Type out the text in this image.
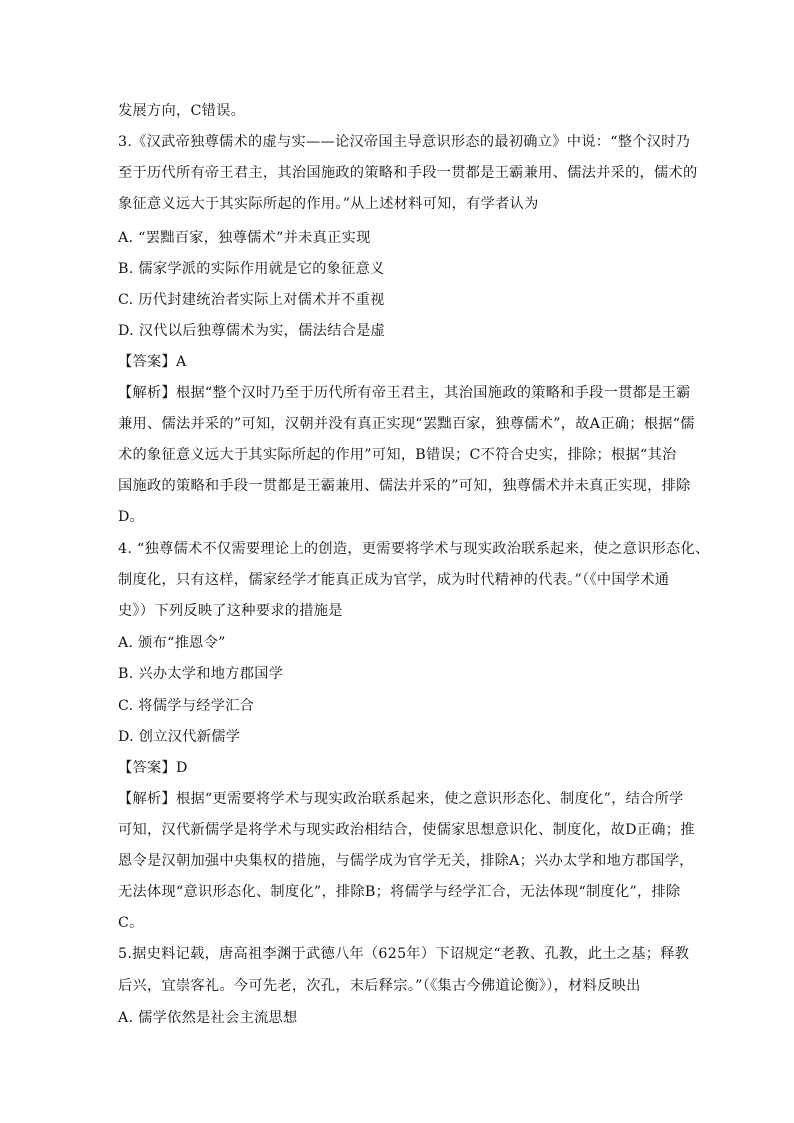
发展方向，C错误。
3.《汉武帝独尊儒术的虚与实——论汉帝国主导意识形态的最初确立》中说：“整个汉时乃
至于历代所有帝王君主，其治国施政的策略和手段一贯都是王霸兼用、儒法并采的，儒术的
象征意义远大于其实际所起的作用。”从上述材料可知，有学者认为
A. “罢黜百家，独尊儒术”并未真正实现
B. 儒家学派的实际作用就是它的象征意义
C. 历代封建统治者实际上对儒术并不重视
D. 汉代以后独尊儒术为实，儒法结合是虚
【答案】A
【解析】根据“整个汉时乃至于历代所有帝王君主，其治国施政的策略和手段一贯都是王霸
兼用、儒法并采的”可知，汉朝并没有真正实现“罢黜百家，独尊儒术”，故A正确；根据“儒
术的象征意义远大于其实际所起的作用”可知，B错误；C不符合史实，排除；根据“其治
国施政的策略和手段一贯都是王霸兼用、儒法并采的”可知，独尊儒术并未真正实现，排除
D。
4. “独尊儒术不仅需要理论上的创造，更需要将学术与现实政治联系起来，使之意识形态化、
制度化，只有这样，儒家经学才能真正成为官学，成为时代精神的代表。”（《中国学术通
史》）下列反映了这种要求的措施是
A. 颁布“推恩令”
B. 兴办太学和地方郡国学
C. 将儒学与经学汇合
D. 创立汉代新儒学
【答案】D
【解析】根据“更需要将学术与现实政治联系起来，使之意识形态化、制度化”，结合所学
可知，汉代新儒学是将学术与现实政治相结合，使儒家思想意识化、制度化，故D正确；推
恩令是汉朝加强中央集权的措施，与儒学成为官学无关，排除A；兴办太学和地方郡国学，
无法体现“意识形态化、制度化”，排除B；将儒学与经学汇合，无法体现“制度化”，排除
C。
5.据史料记载，唐高祖李渊于武德八年（625年）下诏规定“老教、孔教，此土之基；释教
后兴，宜崇客礼。今可先老，次孔，末后释宗。”（《集古今佛道论衡》），材料反映出
A. 儒学依然是社会主流思想
